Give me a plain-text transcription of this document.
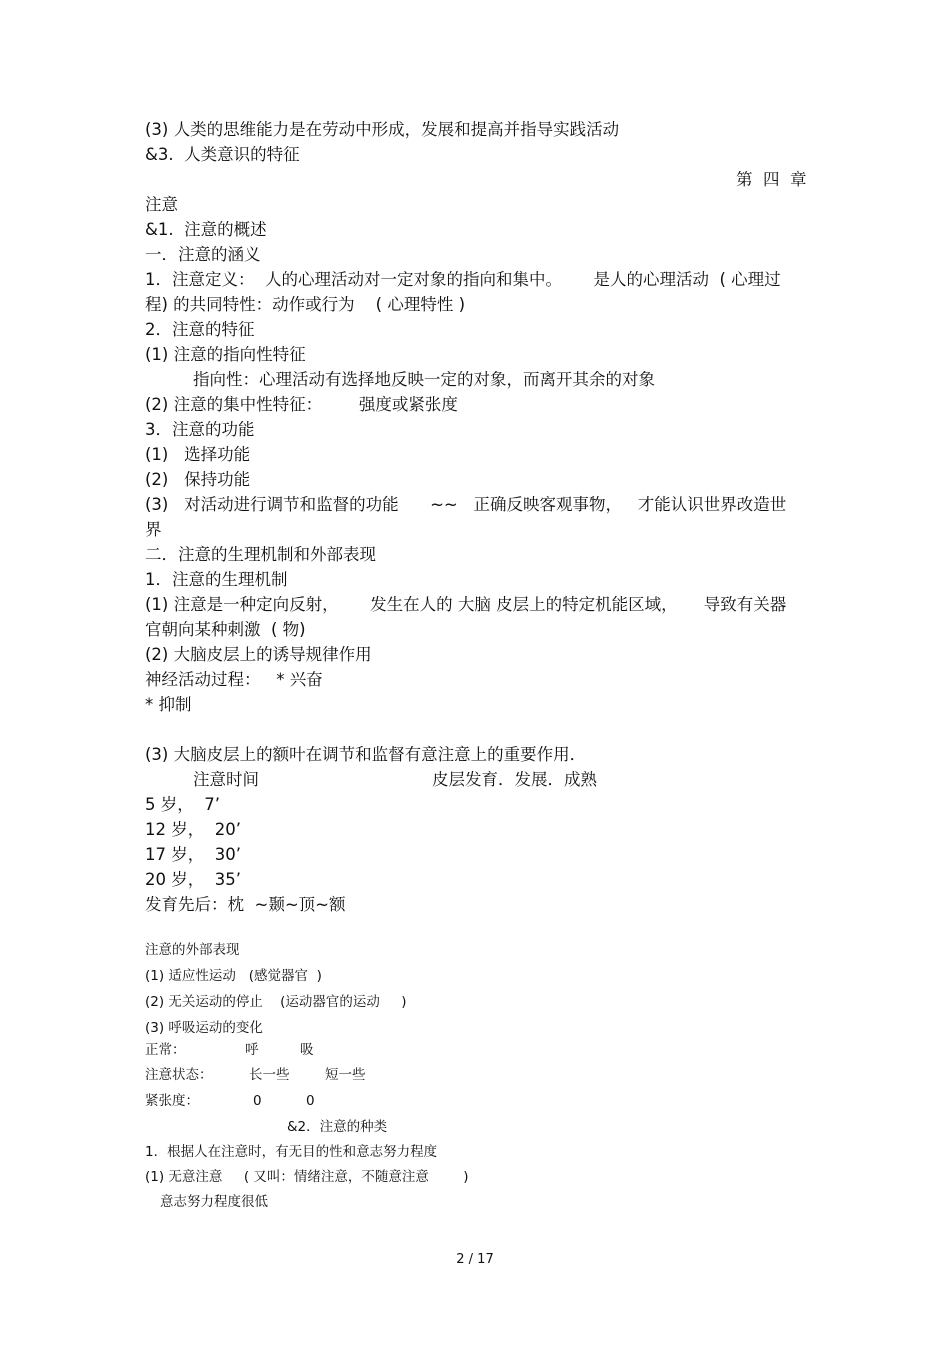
(3) 人类的思维能力是在劳动中形成，发展和提高并指导实践活动
&3.  人类意识的特征
第  四  章
注意
&1.  注意的概述
一．注意的涵义
1．注意定义：  人的心理活动对一定对象的指向和集中。      是人的心理活动  ( 心理过
程) 的共同特性：动作或行为    ( 心理特性 )
2．注意的特征
(1) 注意的指向性特征
指向性：心理活动有选择地反映一定的对象，而离开其余的对象
(2) 注意的集中性特征：       强度或紧张度
3．注意的功能
(1)   选择功能
(2)   保持功能
(3)   对活动进行调节和监督的功能      ~~   正确反映客观事物，   才能认识世界改造世
界
二．注意的生理机制和外部表现
1．注意的生理机制
(1) 注意是一种定向反射，      发生在人的 大脑 皮层上的特定机能区域，     导致有关器
官朝向某种刺激  ( 物)
(2) 大脑皮层上的诱导规律作用
神经活动过程：   * 兴奋
* 抑制
(3) 大脑皮层上的额叶在调节和监督有意注意上的重要作用．
注意时间	皮层发育．发展．成熟
5 岁，  7’
12 岁，  20’
17 岁，  30’
20 岁，  35’
发育先后：枕  ~颞~顶~额
注意的外部表现
(1) 适应性运动   (感觉器官  )
(2) 无关运动的停止    (运动器官的运动     )
(3) 呼吸运动的变化
正常：	呼	吸
注意状态：	长一些	短一些
紧张度：	0	0
&2．注意的种类
1．根据人在注意时，有无目的性和意志努力程度
(1) 无意注意     ( 又叫：情绪注意，不随意注意        )
意志努力程度很低
2 / 17
